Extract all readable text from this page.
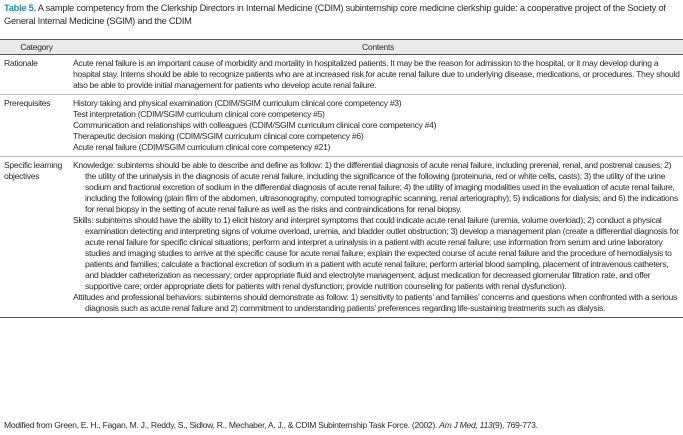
Table 5. A sample competency from the Clerkship Directors in Internal Medicine (CDIM) subinternship core medicine clerkship guide: a cooperative project of the Society of General Internal Medicine (SGIM) and the CDIM
Category	Contents
Rationale	Acute renal failure is an important cause of morbidity and mortality in hospitalized patients. It may be the reason for admission to the hospital, or it may develop during a hospital stay. Interns should be able to recognize patients who are at increased risk for acute renal failure due to underlying disease, medications, or procedures. They should also be able to provide initial management for patients who develop acute renal failure.
Prerequisites	History taking and physical examination (CDIM/SGIM curriculum clinical core competency #3)
Test interpretation (CDIM/SGIM curriculum clinical core competency #5)
Communication and relationships with colleagues (CDIM/SGIM curriculum clinical core competency #4)
Therapeutic decision making (CDIM/SGIM curriculum clinical core competency #6)
Acute renal failure (CDIM/SGIM curriculum clinical core competency #21)

Specific learning objectives	Knowledge: subinterns should be able to describe and define as follow: 1) the differential diagnosis of acute renal failure, including prerenal, renal, and postrenal causes; 2) the utility of the urinalysis in the diagnosis of acute renal failure, including the significance of the following (proteinuria, red or white cells, casts); 3) the utility of the urine sodium and fractional excretion of sodium in the differential diagnosis of acute renal failure; 4) the utility of imaging modalities used in the evaluation of acute renal failure, including the following (plain film of the abdomen, ultrasonography, computed tomographic scanning, renal arteriography); 5) indications for dialysis; and 6) the indications for renal biopsy in the setting of acute renal failure as well as the risks and contraindications for renal biopsy.
Skills: subinterns should have the ability to 1) elicit history and interpret symptoms that could indicate acute renal failure (uremia, volume overload); 2) conduct a physical examination detecting and interpreting signs of volume overload, uremia, and bladder outlet obstruction; 3) develop a management plan (create a differential diagnosis for acute renal failure for specific clinical situations; perform and interpret a urinalysis in a patient with acute renal failure; use information from serum and urine laboratory studies and imaging studies to arrive at the specific cause for acute renal failure; explain the expected course of acute renal failure and the procedure of hemodialysis to patients and families; calculate a fractional excretion of sodium in a patient with acute renal failure; perform arterial blood sampling, placement of intravenous catheters, and bladder catheterization as necessary; order appropriate fluid and electrolyte management, adjust medication for decreased glomerular filtration rate, and offer supportive care; order appropriate diets for patients with renal dysfunction; provide nutrition counseling for patients with renal dysfunction).
Attitudes and professional behaviors: subinterns should demonstrate as follow: 1) sensitivity to patients’ and families’ concerns and questions when confronted with a serious diagnosis such as acute renal failure and 2) commitment to understanding patients’ preferences regarding life-sustaining treatments such as dialysis.
Modified from Green, E. H., Fagan, M. J., Reddy, S., Sidlow, R., Mechaber, A. J., & CDIM Subinternship Task Force. (2002). Am J Med, 113(9), 769-773.
